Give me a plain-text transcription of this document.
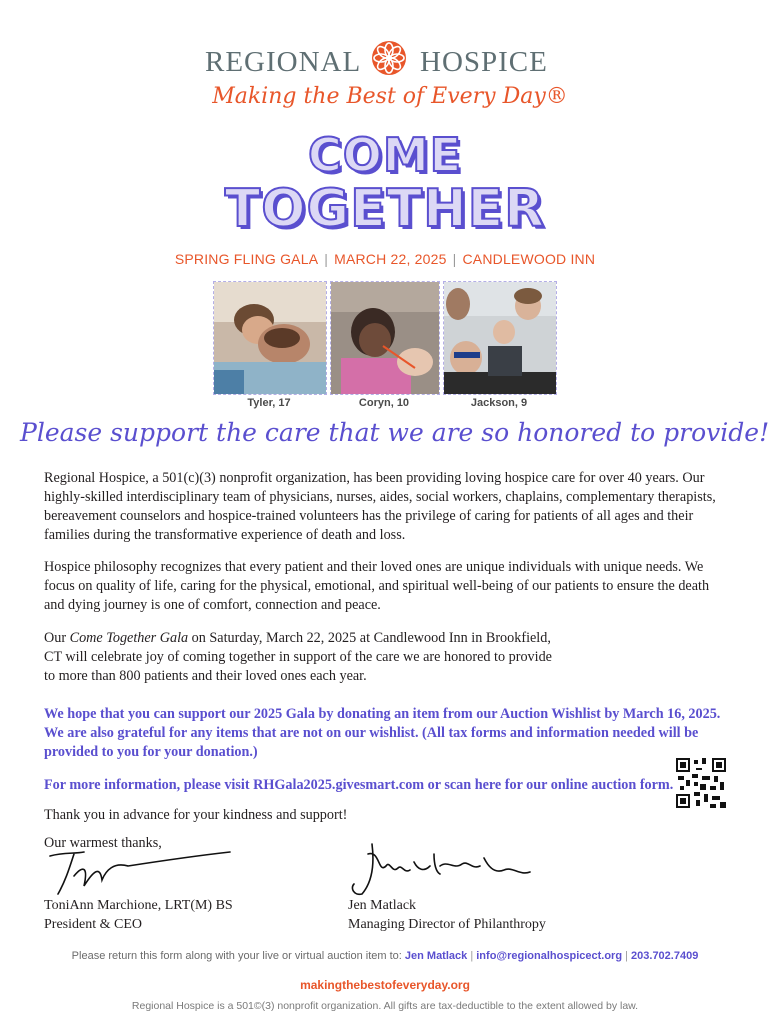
REGIONAL HOSPICE
Making the Best of Every Day®
COME
TOGETHER
SPRING FLING GALA | MARCH 22, 2025 | CANDLEWOOD INN
Tyler, 17	Coryn, 10	Jackson, 9
Please support the care that we are so honored to provide!

Regional Hospice, a 501(c)(3) nonprofit organization, has been providing loving hospice care for over 40 years. Our highly-skilled interdisciplinary team of physicians, nurses, aides, social workers, chaplains, complementary therapists, bereavement counselors and hospice-trained volunteers has the privilege of caring for patients of all ages and their families during the transformative experience of death and loss.

Hospice philosophy recognizes that every patient and their loved ones are unique individuals with unique needs. We focus on quality of life, caring for the physical, emotional, and spiritual well-being of our patients to ensure the death and dying journey is one of comfort, connection and peace.

Our Come Together Gala on Saturday, March 22, 2025 at Candlewood Inn in Brookfield, CT will celebrate joy of coming together in support of the care we are honored to provide to more than 800 patients and their loved ones each year.

We hope that you can support our 2025 Gala by donating an item from our Auction Wishlist by March 16, 2025. We are also grateful for any items that are not on our wishlist. (All tax forms and information needed will be provided to you for your donation.)

For more information, please visit RHGala2025.givesmart.com or scan here for our online auction form.

Thank you in advance for your kindness and support!

Our warmest thanks,

ToniAnn Marchione, LRT(M) BS
President & CEO
Jen Matlack
Managing Director of Philanthropy
Please return this form along with your live or virtual auction item to: Jen Matlack | info@regionalhospicect.org | 203.702.7409
makingthebestofeveryday.org
Regional Hospice is a 501©(3) nonprofit organization. All gifts are tax-deductible to the extent allowed by law.
